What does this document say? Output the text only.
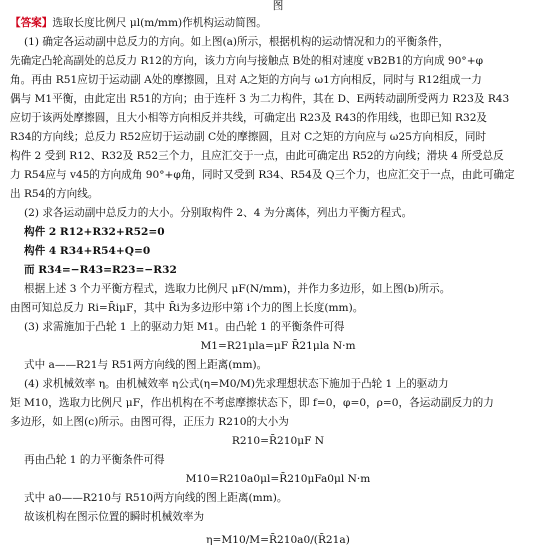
图
【答案】选取长度比例尺 μl(m/mm)作机构运动简图。
(1) 确定各运动副中总反力的方向。如上图(a)所示，根据机构的运动情况和力的平衡条件，
先确定凸轮高副处的总反力 R12的方向，该力方向与接触点 B处的相对速度 vB2B1的方向成 90°+φ
角。再由 R51应切于运动副 A处的摩擦圆，且对 A之矩的方向与 ω1方向相反，同时与 R12组成一力
偶与 M1平衡，由此定出 R51的方向；由于连杆 3 为二力构件，其在 D、E两转动副所受两力 R23及 R43
应切于该两处摩擦圆，且大小相等方向相反并共线，可确定出 R23及 R43的作用线，也即已知 R32及
R34的方向线；总反力 R52应切于运动副 C处的摩擦圆，且对 C之矩的方向应与 ω25方向相反，同时
构件 2 受到 R12、R32及 R52三个力，且应汇交于一点，由此可确定出 R52的方向线；滑块 4 所受总反
力 R54应与 v45的方向成角 90°+φ角，同时又受到 R34、R54及 Q三个力，也应汇交于一点，由此可确定
出 R54的方向线。
(2) 求各运动副中总反力的大小。分别取构件 2、4 为分离体，列出力平衡方程式。
构件 2 R12+R32+R52=0
构件 4 R34+R54+Q=0
而 R34=−R43=R23=−R32
根据上述 3 个力平衡方程式，选取力比例尺 μF(N/mm)，并作力多边形，如上图(b)所示。
由图可知总反力 Ri=R̄iμF，其中 R̄i为多边形中第 i个力的图上长度(mm)。
(3) 求需施加于凸轮 1 上的驱动力矩 M1。由凸轮 1 的平衡条件可得
M1=R21μla=μF R̄21μla N·m
式中 a——R21与 R51两方向线的图上距离(mm)。
(4) 求机械效率 η。由机械效率 η公式(η=M0/M)先求理想状态下施加于凸轮 1 上的驱动力
矩 M10，选取力比例尺 μF，作出机构在不考虑摩擦状态下，即 f=0，φ=0，ρ=0，各运动副反力的力
多边形，如上图(c)所示。由图可得，正压力 R210的大小为
R210=R̄210μF N
再由凸轮 1 的力平衡条件可得
M10=R210a0μl=R̄210μFa0μl N·m
式中 a0——R210与 R510两方向线的图上距离(mm)。
故该机构在图示位置的瞬时机械效率为
η=M10/M=R̄210a0/(R̄21a)
